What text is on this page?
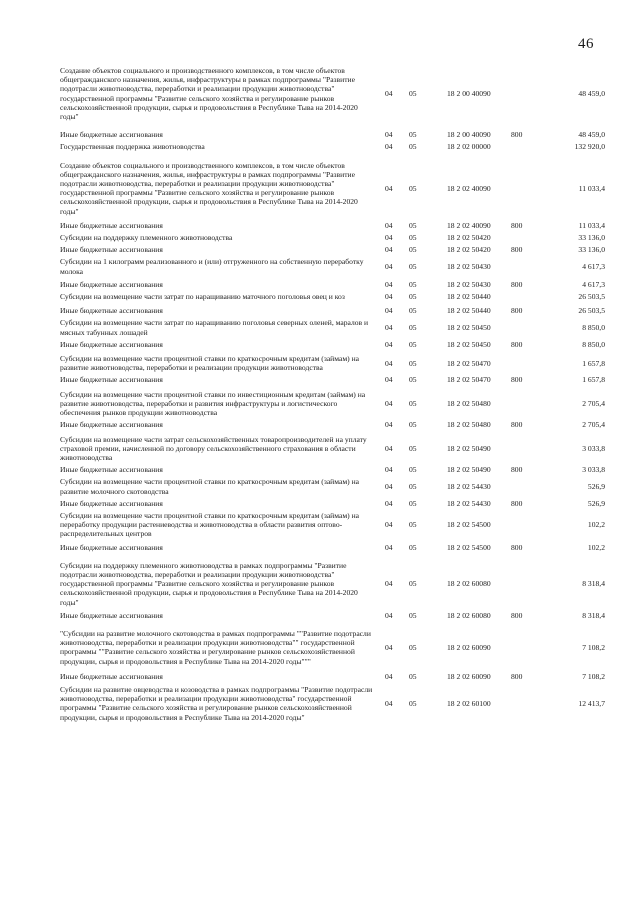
46
Создание объектов социального и производственного комплексов, в том числе объектов общегражданского назначения, жилья, инфраструктуры в рамках подпрограммы "Развитие подотрасли животноводства, переработки и реализации продукции животноводства" государственной программы "Развитие сельского хозяйства и регулирование рынков сельскохозяйственной продукции, сырья и продовольствия в Республике Тыва на 2014-2020 годы"
04	05	18 2 00 40090	48 459,0
Иные бюджетные ассигнования	04	05	18 2 00 40090	800	48 459,0
Государственная поддержка животноводства	04	05	18 2 02 00000	132 920,0
Создание объектов социального и производственного комплексов, в том числе объектов общегражданского назначения, жилья, инфраструктуры в рамках подпрограммы "Развитие подотрасли животноводства, переработки и реализации продукции животноводства" государственной программы "Развитие сельского хозяйства и регулирование рынков сельскохозяйственной продукции, сырья и продовольствия в Республике Тыва на 2014-2020 годы"
04	05	18 2 02 40090	11 033,4
Иные бюджетные ассигнования	04	05	18 2 02 40090	800	11 033,4
Субсидии на поддержку племенного животноводства	04	05	18 2 02 50420	33 136,0
Иные бюджетные ассигнования	04	05	18 2 02 50420	800	33 136,0
Субсидии на 1 килограмм реализованного и (или) отгруженного на собственную переработку молока
04	05	18 2 02 50430	4 617,3
Иные бюджетные ассигнования	04	05	18 2 02 50430	800	4 617,3
Субсидии на возмещение части затрат по наращиванию маточного поголовья овец и коз	04	05	18 2 02 50440	26 503,5
Иные бюджетные ассигнования	04	05	18 2 02 50440	800	26 503,5
Субсидии на возмещение части затрат по наращиванию поголовья северных оленей, маралов и мясных табунных лошадей
04	05	18 2 02 50450	8 850,0
Иные бюджетные ассигнования	04	05	18 2 02 50450	800	8 850,0
Субсидии на возмещение части процентной ставки по краткосрочным кредитам (займам) на развитие животноводства, переработки и реализации продукции животноводства
04	05	18 2 02 50470	1 657,8
Иные бюджетные ассигнования	04	05	18 2 02 50470	800	1 657,8
Субсидии на возмещение части процентной ставки по инвестиционным кредитам (займам) на развитие животноводства, переработки и развития инфраструктуры и логистического обеспечения рынков продукции животноводства
04	05	18 2 02 50480	2 705,4
Иные бюджетные ассигнования	04	05	18 2 02 50480	800	2 705,4
Субсидии на возмещение части затрат сельскохозяйственных товаропроизводителей на уплату страховой премии, начисленной по договору сельскохозяйственного страхования в области животноводства
04	05	18 2 02 50490	3 033,8
Иные бюджетные ассигнования	04	05	18 2 02 50490	800	3 033,8
Субсидии на возмещение части процентной ставки по краткосрочным кредитам (займам) на развитие молочного скотоводства
04	05	18 2 02 54430	526,9
Иные бюджетные ассигнования	04	05	18 2 02 54430	800	526,9
Субсидии на возмещение части процентной ставки по краткосрочным кредитам (займам) на переработку продукции растениеводства и животноводства в области развития оптово-распределительных центров
04	05	18 2 02 54500	102,2
Иные бюджетные ассигнования	04	05	18 2 02 54500	800	102,2
Субсидии на поддержку племенного животноводства в рамках подпрограммы "Развитие подотрасли животноводства, переработки и реализации продукции животноводства" государственной программы "Развитие сельского хозяйства и регулирование рынков сельскохозяйственной продукции, сырья и продовольствия в Республике Тыва на 2014-2020 годы"
04	05	18 2 02 60080	8 318,4
Иные бюджетные ассигнования	04	05	18 2 02 60080	800	8 318,4
"Субсидии на развитие молочного скотоводства в рамках подпрограммы ""Развитие подотрасли животноводства, переработки и реализации продукции животноводства"" государственной программы ""Развитие сельского хозяйства и регулирование рынков сельскохозяйственной продукции, сырья и продовольствия в Республике Тыва на 2014-2020 годы"""
04	05	18 2 02 60090	7 108,2
Иные бюджетные ассигнования	04	05	18 2 02 60090	800	7 108,2
Субсидии на развитие овцеводства и козоводства в рамках подпрограммы "Развитие подотрасли животноводства, переработки и реализации продукции животноводства" государственной программы "Развитие сельского хозяйства и регулирование рынков сельскохозяйственной продукции, сырья и продовольствия в Республике Тыва на 2014-2020 годы"
04	05	18 2 02 60100	12 413,7
